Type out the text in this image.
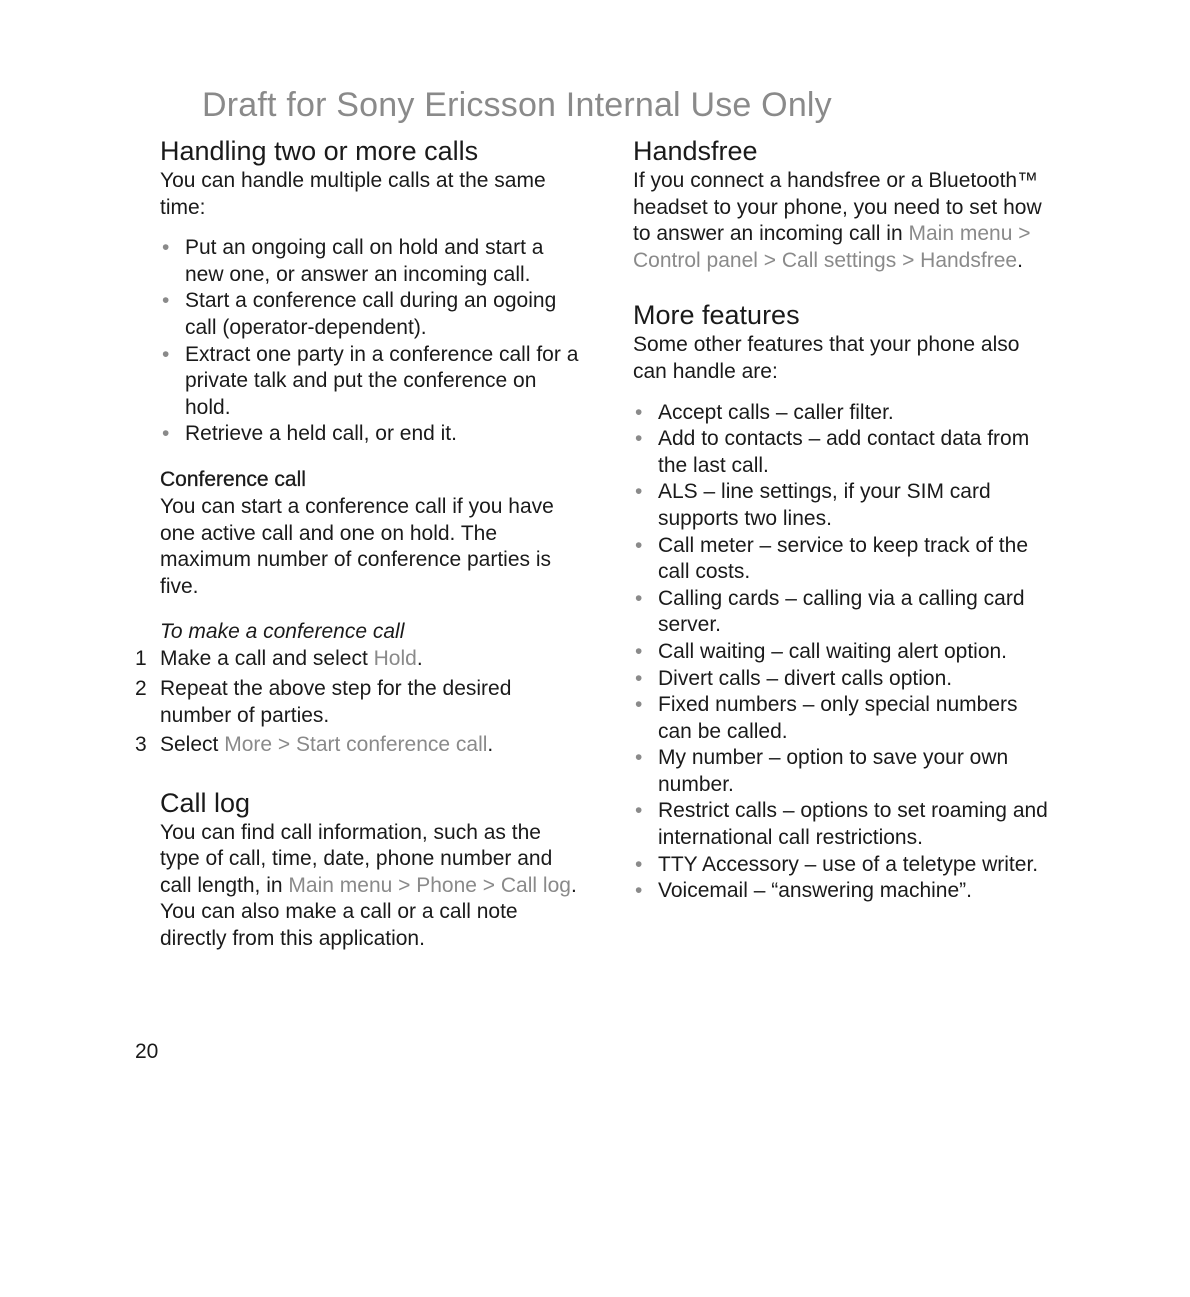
Draft for Sony Ericsson Internal Use Only
Handling two or more calls

You can handle multiple calls at the same time:

• Put an ongoing call on hold and start a new one, or answer an incoming call.
• Start a conference call during an ogoing call (operator-dependent).
• Extract one party in a conference call for a private talk and put the conference on hold.
• Retrieve a held call, or end it.
Conference call

You can start a conference call if you have one active call and one on hold. The maximum number of conference parties is five.

To make a conference call
1 Make a call and select Hold.
2 Repeat the above step for the desired number of parties.
3 Select More > Start conference call.
Call log

You can find call information, such as the type of call, time, date, phone number and call length, in Main menu > Phone > Call log. You can also make a call or a call note directly from this application.

Handsfree

If you connect a handsfree or a Bluetooth™ headset to your phone, you need to set how to answer an incoming call in Main menu > Control panel > Call settings > Handsfree.

More features

Some other features that your phone also can handle are:

• Accept calls – caller filter.
• Add to contacts – add contact data from the last call.
• ALS – line settings, if your SIM card supports two lines.
• Call meter – service to keep track of the call costs.
• Calling cards – calling via a calling card server.
• Call waiting – call waiting alert option.
• Divert calls – divert calls option.
• Fixed numbers – only special numbers can be called.
• My number – option to save your own number.
• Restrict calls – options to set roaming and international call restrictions.
• TTY Accessory – use of a teletype writer.
• Voicemail – “answering machine”.
20
